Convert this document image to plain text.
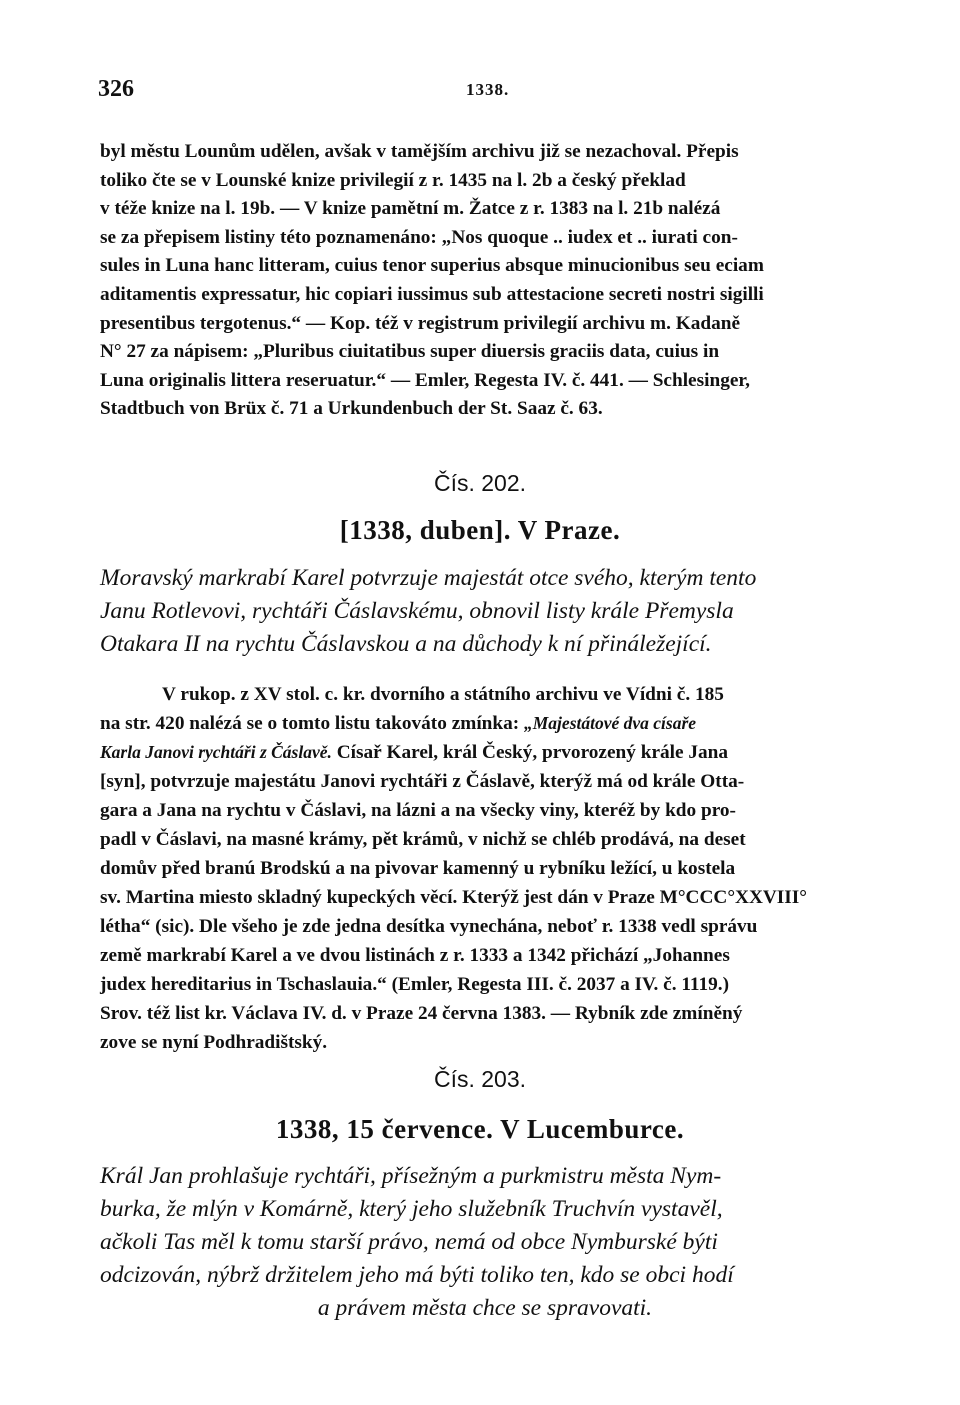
326	1338.

byl městu Lounům udělen, avšak v tamějším archivu již se nezachoval. Přepis
toliko čte se v Lounské knize privilegií z r. 1435 na l. 2b a český překlad
v téže knize na l. 19b. — V knize pamětní m. Žatce z r. 1383 na l. 21b nalézá
se za přepisem listiny této poznamenáno: „Nos quoque .. iudex et .. iurati con-
sules in Luna hanc litteram, cuius tenor superius absque minucionibus seu eciam
aditamentis expressatur, hic copiari iussimus sub attestacione secreti nostri sigilli
presentibus tergotenus.“ — Kop. též v registrum privilegií archivu m. Kadaně
N° 27 za nápisem: „Pluribus ciuitatibus super diuersis graciis data, cuius in
Luna originalis littera reseruatur.“ — Emler, Regesta IV. č. 441. — Schlesinger,
Stadtbuch von Brüx č. 71 a Urkundenbuch der St. Saaz č. 63.

Čís. 202.
[1338, duben]. V Praze.

Moravský markrabí Karel potvrzuje majestát otce svého, kterým tento
Janu Rotlevovi, rychtáři Čáslavskému, obnovil listy krále Přemysla
Otakara II na rychtu Čáslavskou a na důchody k ní přináležející.

V rukop. z XV stol. c. kr. dvorního a státního archivu ve Vídni č. 185
na str. 420 nalézá se o tomto listu takováto zmínka: „Majestátové dva císaře
Karla Janovi rychtáři z Čáslavě. Císař Karel, král Český, prvorozený krále Jana
[syn], potvrzuje majestátu Janovi rychtáři z Čáslavě, kterýž má od krále Otta-
gara a Jana na rychtu v Čáslavi, na lázni a na všecky viny, kteréž by kdo pro-
padl v Čáslavi, na masné krámy, pět krámů, v nichž se chléb prodává, na deset
domův před branú Brodskú a na pivovar kamenný u rybníku ležící, u kostela
sv. Martina miesto skladný kupeckých věcí. Kterýž jest dán v Praze M°CCC°XXVIII°
létha“ (sic). Dle všeho je zde jedna desítka vynechána, neboť r. 1338 vedl správu
země markrabí Karel a ve dvou listinách z r. 1333 a 1342 přichází „Johannes
judex hereditarius in Tschaslauia.“ (Emler, Regesta III. č. 2037 a IV. č. 1119.)
Srov. též list kr. Václava IV. d. v Praze 24 června 1383. — Rybník zde zmíněný
zove se nyní Podhradištský.

Čís. 203.
1338, 15 července. V Lucemburce.

Král Jan prohlašuje rychtáři, přísežným a purkmistru města Nym-
burka, že mlýn v Komárně, který jeho služebník Truchvín vystavěl,
ačkoli Tas měl k tomu starší právo, nemá od obce Nymburské býti
odcizován, nýbrž držitelem jeho má býti toliko ten, kdo se obci hodí
a právem města chce se spravovati.
